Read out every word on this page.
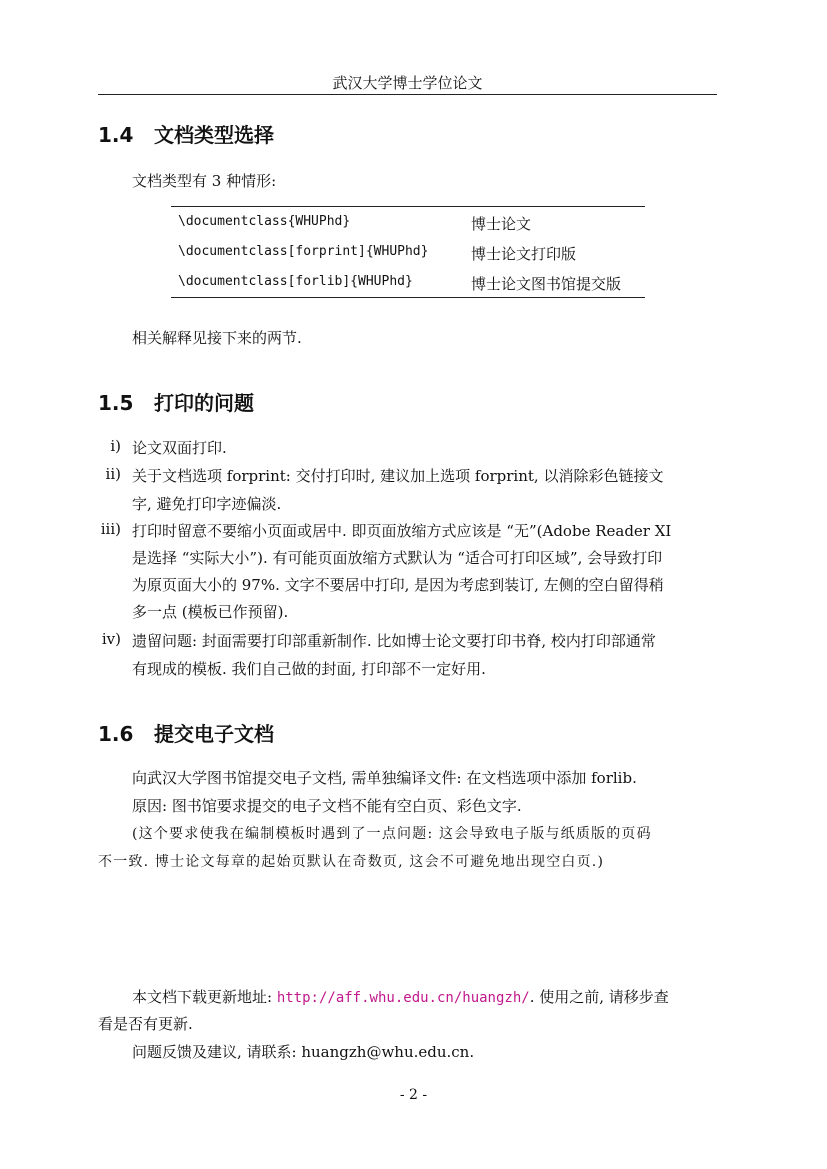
武汉大学博士学位论文
1.4 文档类型选择
文档类型有 3 种情形:
\documentclass{WHUPhd}	博士论文
\documentclass[forprint]{WHUPhd}	博士论文打印版
\documentclass[forlib]{WHUPhd}	博士论文图书馆提交版
相关解释见接下来的两节.
1.5 打印的问题
i) 论文双面打印.
ii) 关于文档选项 forprint: 交付打印时, 建议加上选项 forprint, 以消除彩色链接文
字, 避免打印字迹偏淡.
iii) 打印时留意不要缩小页面或居中. 即页面放缩方式应该是 “无”(Adobe Reader XI
是选择 “实际大小”). 有可能页面放缩方式默认为 “适合可打印区域”, 会导致打印
为原页面大小的 97%. 文字不要居中打印, 是因为考虑到装订, 左侧的空白留得稍
多一点 (模板已作预留).
iv) 遗留问题: 封面需要打印部重新制作. 比如博士论文要打印书脊, 校内打印部通常
有现成的模板. 我们自己做的封面, 打印部不一定好用.
1.6 提交电子文档
向武汉大学图书馆提交电子文档, 需单独编译文件: 在文档选项中添加 forlib.
原因: 图书馆要求提交的电子文档不能有空白页、彩色文字.
(这个要求使我在编制模板时遇到了一点问题: 这会导致电子版与纸质版的页码
不一致. 博士论文每章的起始页默认在奇数页, 这会不可避免地出现空白页.)
本文档下载更新地址: http://aff.whu.edu.cn/huangzh/. 使用之前, 请移步查
看是否有更新.
问题反馈及建议, 请联系: huangzh@whu.edu.cn.
- 2 -
